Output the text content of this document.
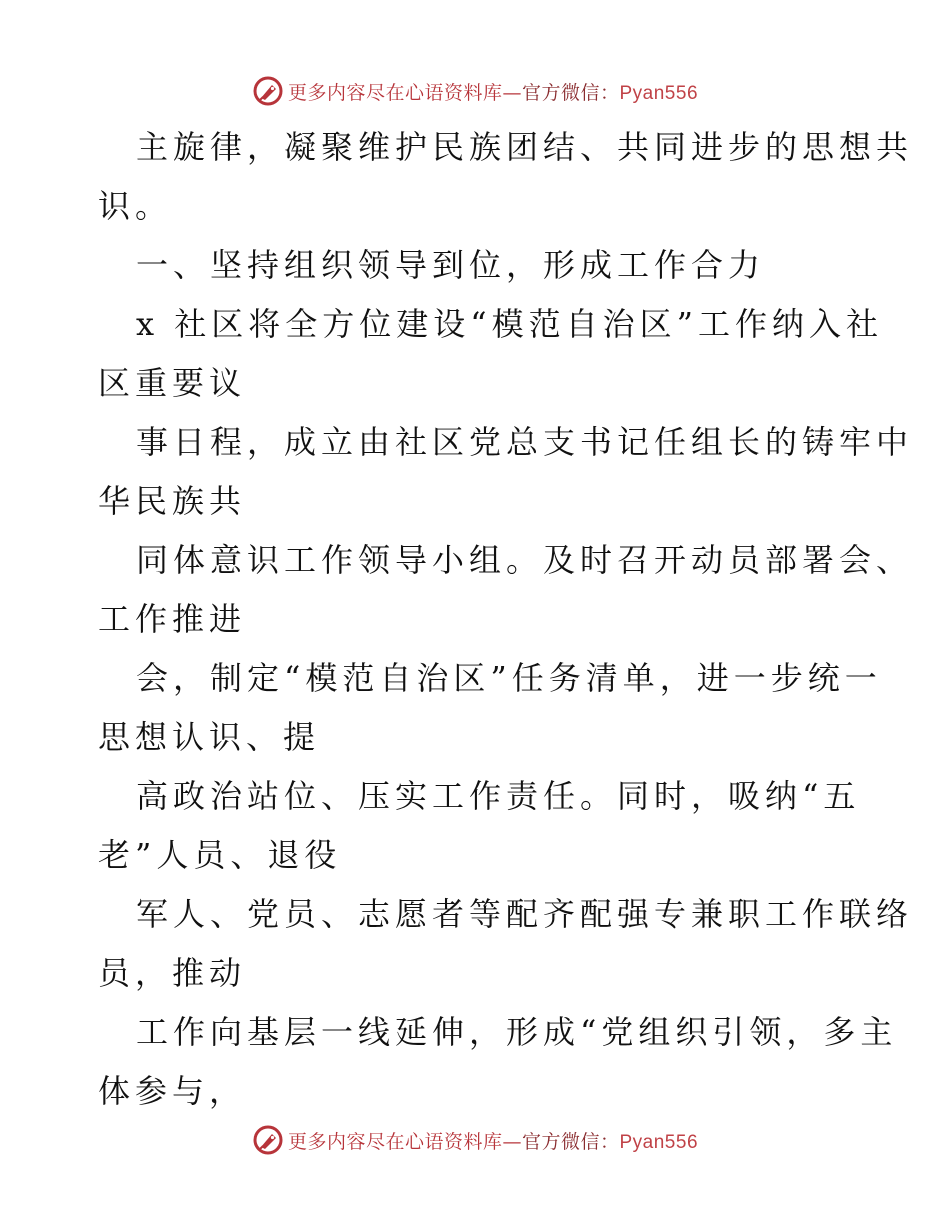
更多内容尽在心语资料库—官方微信：Pyan556
主旋律，凝聚维护民族团结、共同进步的思想共
识。
一、坚持组织领导到位，形成工作合力
x 社区将全方位建设“模范自治区”工作纳入社
区重要议
事日程，成立由社区党总支书记任组长的铸牢中
华民族共
同体意识工作领导小组。及时召开动员部署会、
工作推进
会，制定“模范自治区”任务清单，进一步统一
思想认识、提
高政治站位、压实工作责任。同时，吸纳“五
老”人员、退役
军人、党员、志愿者等配齐配强专兼职工作联络
员，推动
工作向基层一线延伸，形成“党组织引领，多主
体参与，
更多内容尽在心语资料库—官方微信：Pyan556
